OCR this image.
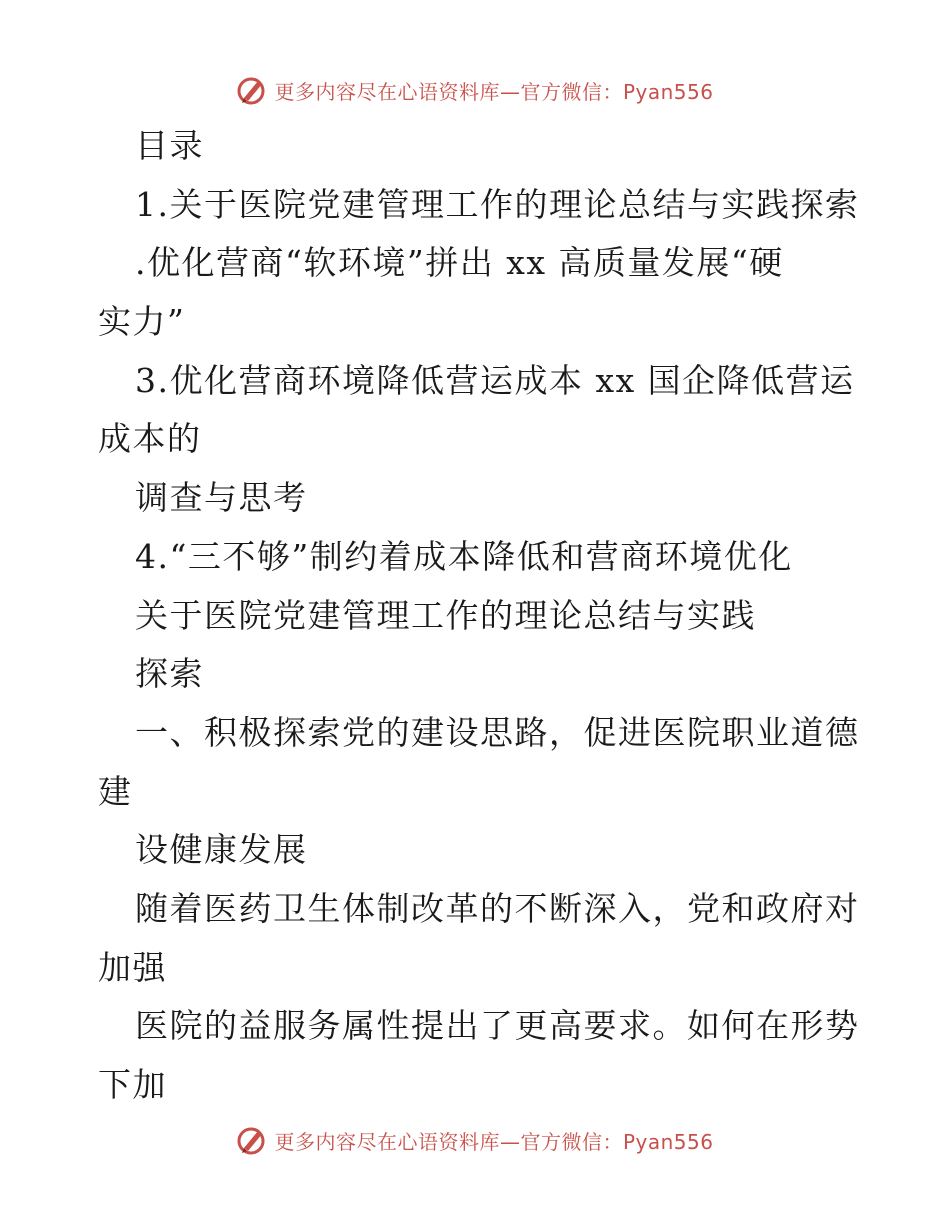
更多内容尽在心语资料库—官方微信：Pyan556
目录
1.关于医院党建管理工作的理论总结与实践探索
.优化营商“软环境”拼出 xx 高质量发展“硬
实力”
3.优化营商环境降低营运成本 xx 国企降低营运
成本的
调查与思考
4.“三不够”制约着成本降低和营商环境优化
关于医院党建管理工作的理论总结与实践
探索
一、积极探索党的建设思路，促进医院职业道德
建
设健康发展
随着医药卫生体制改革的不断深入，党和政府对
加强
医院的益服务属性提出了更高要求。如何在形势
下加
更多内容尽在心语资料库—官方微信：Pyan556
